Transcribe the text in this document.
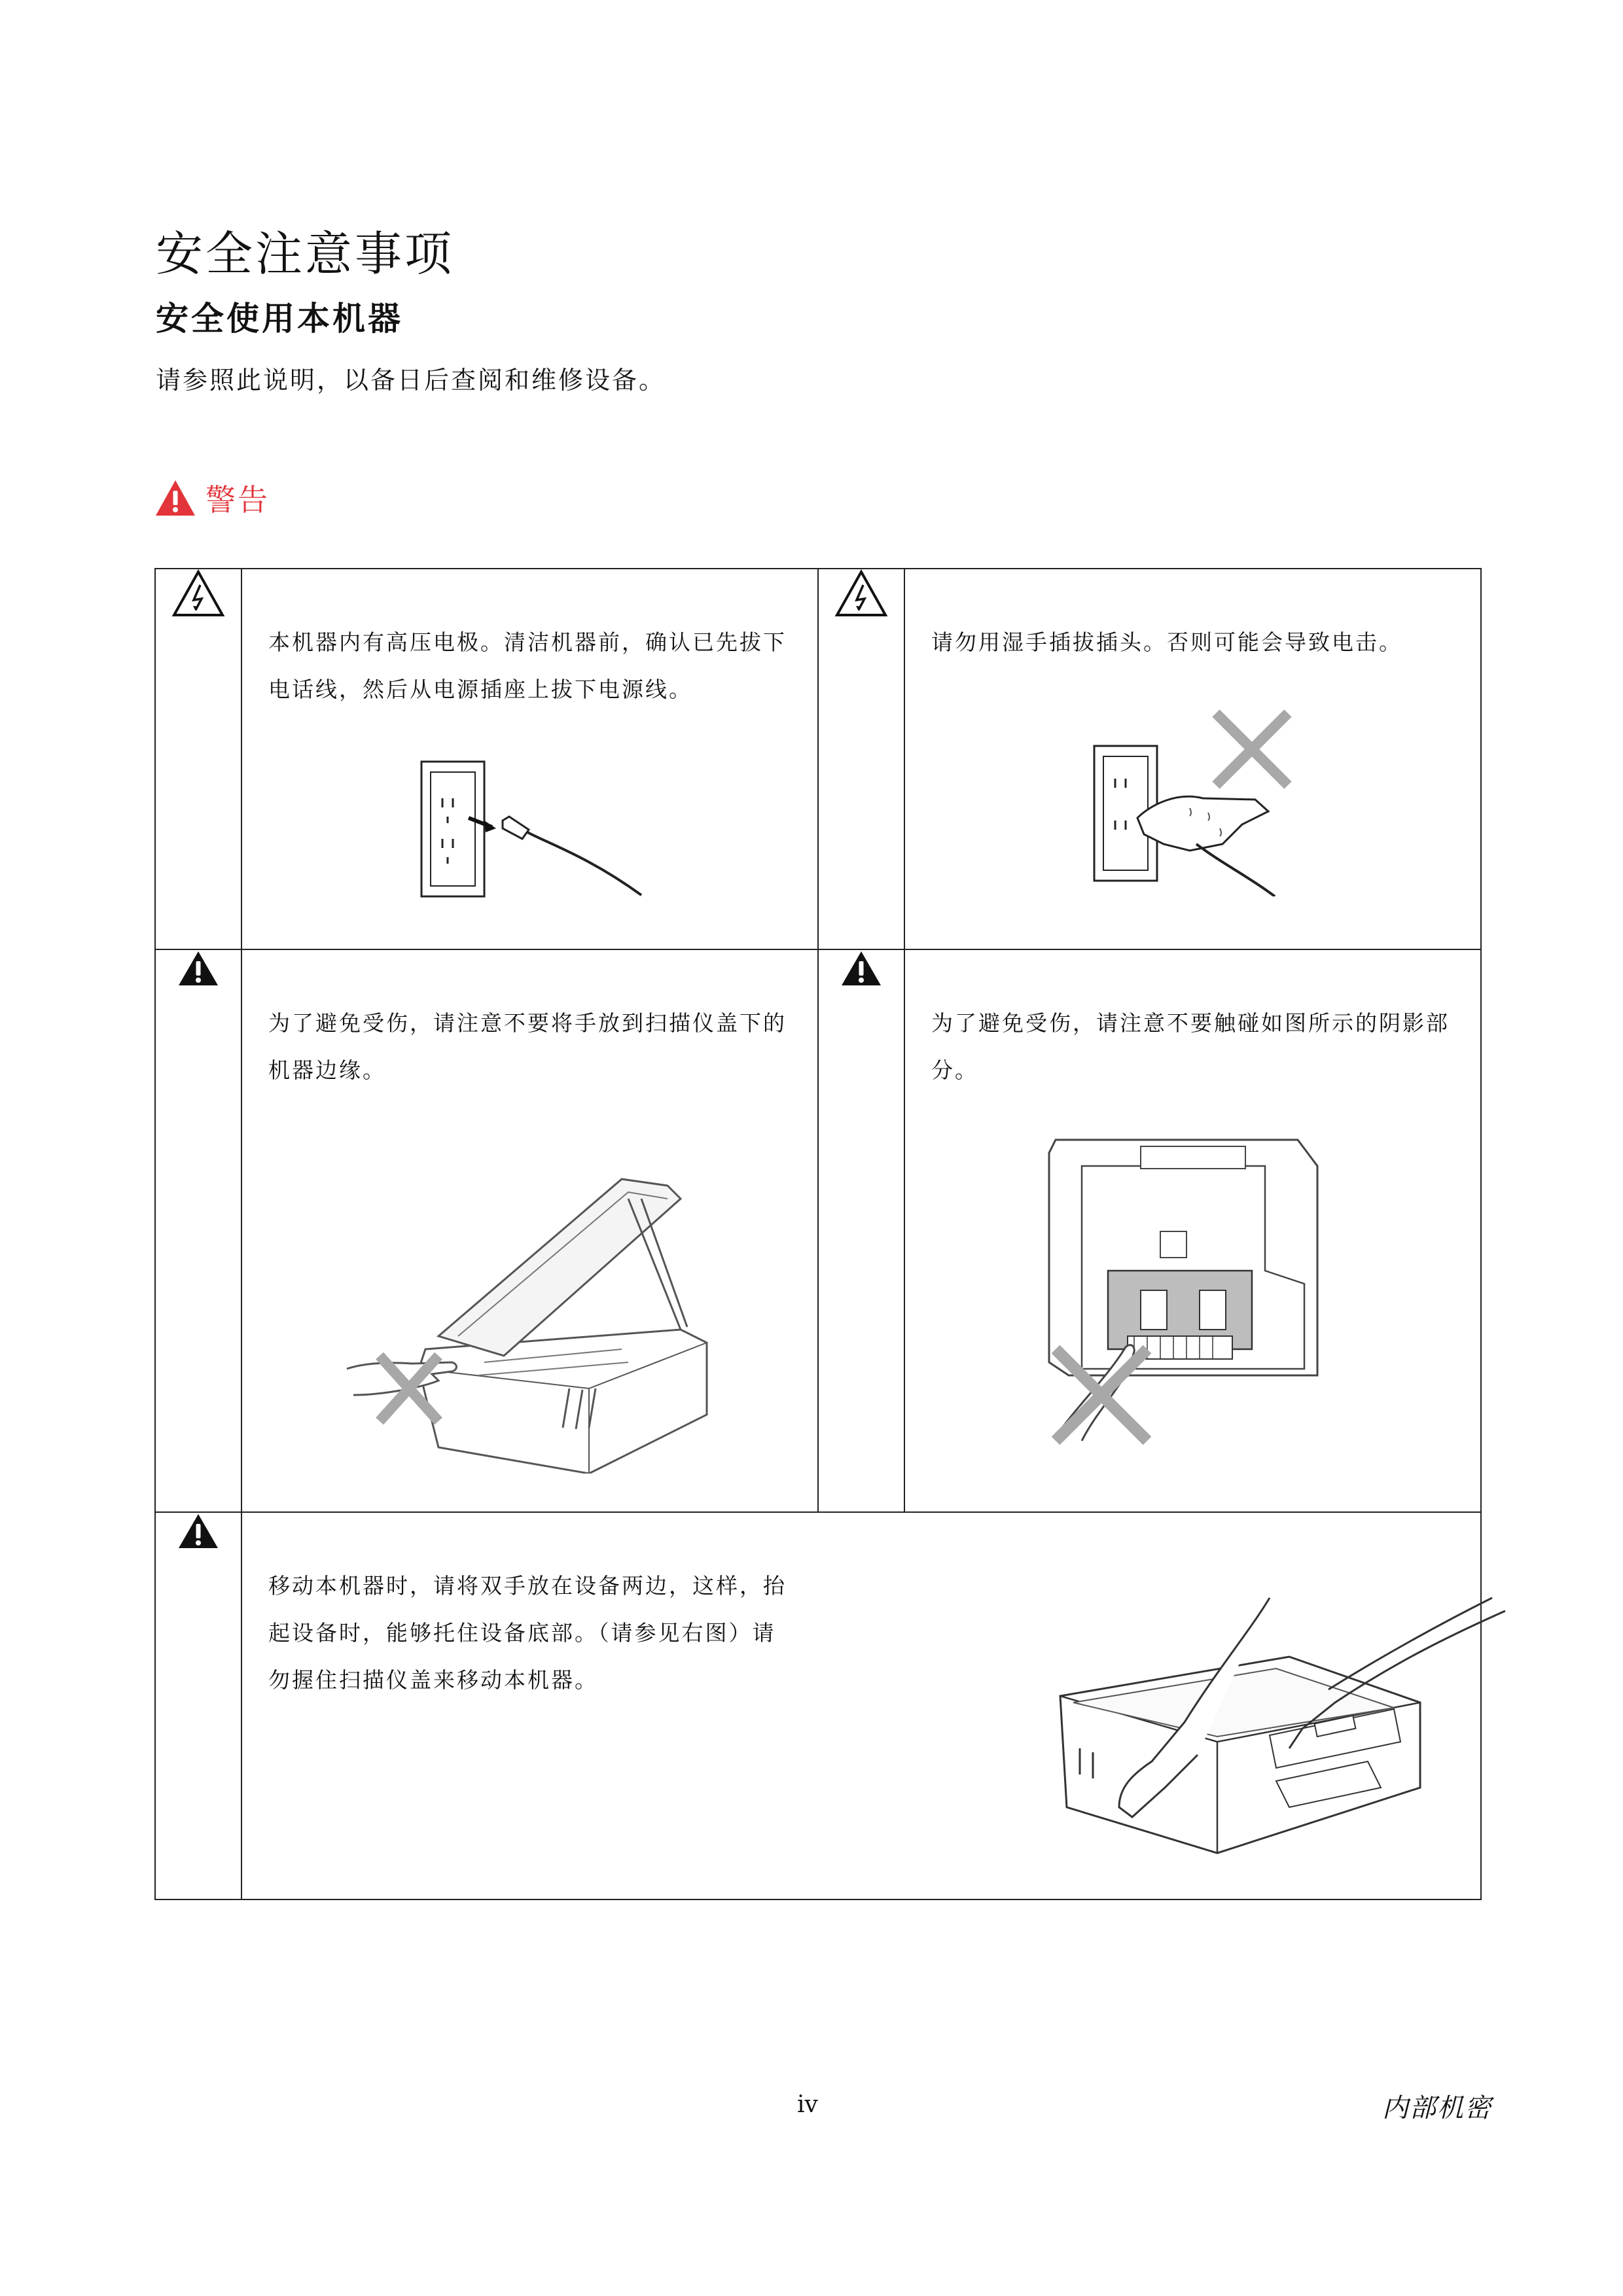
安全注意事项
安全使用本机器

请参照此说明，以备日后查阅和维修设备。

警告

本机器内有高压电极。清洁机器前，确认已先拔下电话线，然后从电源插座上拔下电源线。		请勿用湿手插拔插头。否则可能会导致电击。

为了避免受伤，请注意不要将手放到扫描仪盖下的机器边缘。		为了避免受伤，请注意不要触碰如图所示的阴影部分。

移动本机器时，请将双手放在设备两边，这样，抬起设备时，能够托住设备底部。（请参见右图）请勿握住扫描仪盖来移动本机器。		
iv	内部机密
